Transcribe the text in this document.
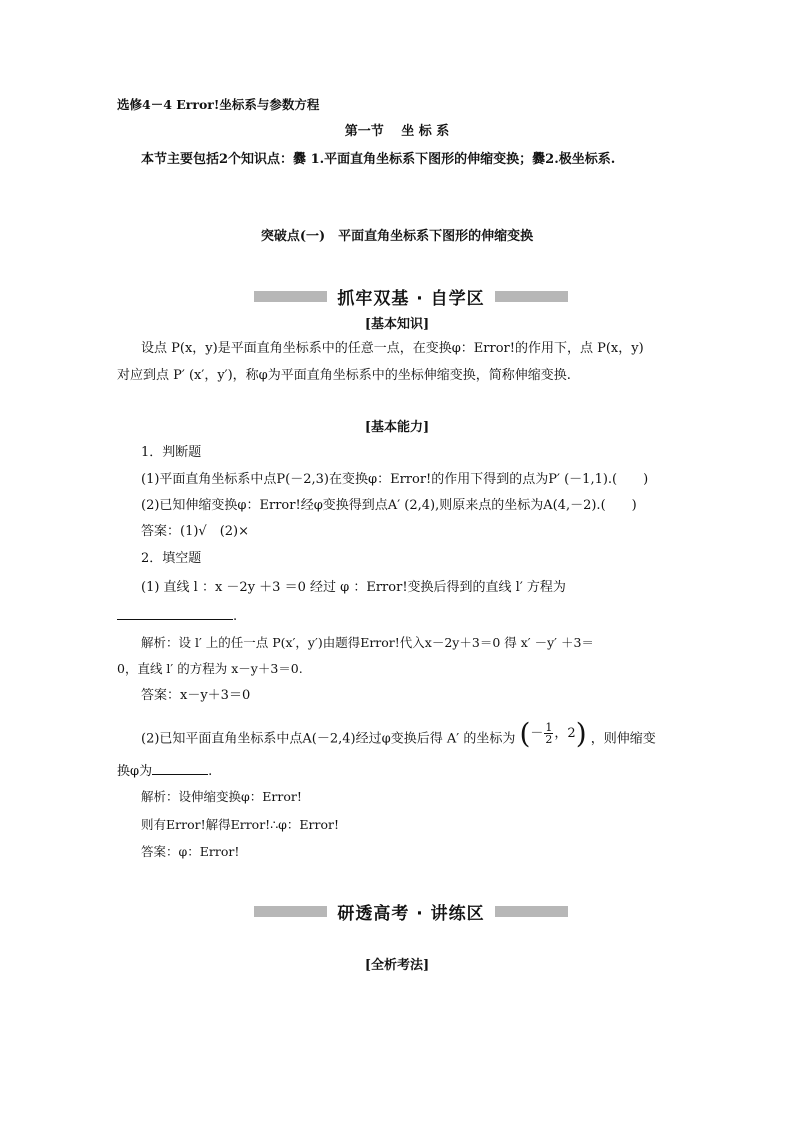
选修4－4 Error!坐标系与参数方程
第一节　 坐 标 系
本节主要包括2个知识点：爨 1.平面直角坐标系下图形的伸缩变换；爨2.极坐标系.
突破点(一)　平面直角坐标系下图形的伸缩变换
抓牢双基 · 自学区
[基本知识]
设点 P(x，y)是平面直角坐标系中的任意一点，在变换φ：Error!的作用下，点 P(x，y)
对应到点 P′ (x′，y′)，称φ为平面直角坐标系中的坐标伸缩变换，简称伸缩变换.
[基本能力]
1．判断题
(1)平面直角坐标系中点P(－2,3)在变换φ：Error!的作用下得到的点为P′ (－1,1).(　　)
(2)已知伸缩变换φ：Error!经φ变换得到点A′ (2,4),则原来点的坐标为A(4,－2).(　　)
答案：(1)√　(2)×
2．填空题
(1) 直线 l ：x －2y ＋3 ＝0 经过 φ ：Error!变换后得到的直线 l′ 方程为
.
解析：设 l′ 上的任一点 P(x′，y′)由题得Error!代入x－2y＋3＝0 得 x′ －y′ ＋3＝
0，直线 l′ 的方程为 x－y＋3＝0.
答案：x－y＋3＝0
(2)已知平面直角坐标系中点A(－2,4)经过φ变换后得 A′ 的坐标为 ( － $\frac{1}{2}$ ，2 ) ，则伸缩变
换φ为	.
解析：设伸缩变换φ：Error!
则有Error!解得Error!∴φ：Error!
答案：φ：Error!
研透高考 · 讲练区
[全析考法]
